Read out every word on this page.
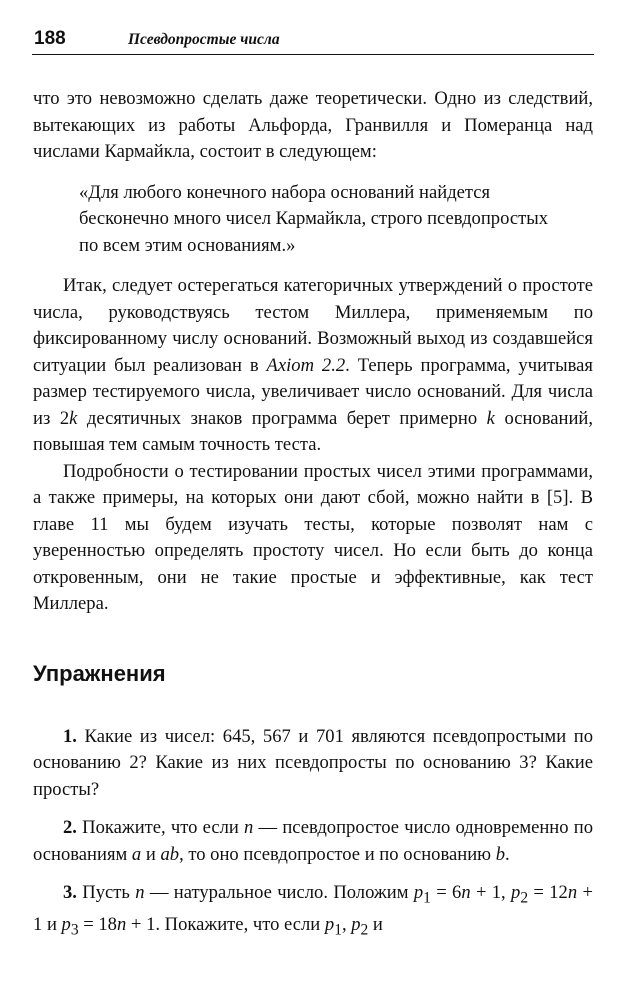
188	Псевдопростые числа

что это невозможно сделать даже теоретически. Одно из следствий, вытекающих из работы Альфорда, Гранвилля и Померанца над числами Кармайкла, состоит в следующем:

«Для любого конечного набора оснований найдется бесконечно много чисел Кармайкла, строго псевдопростых по всем этим основаниям.»

Итак, следует остерегаться категоричных утверждений о простоте числа, руководствуясь тестом Миллера, применяемым по фиксированному числу оснований. Возможный выход из создавшейся ситуации был реализован в Axiom 2.2. Теперь программа, учитывая размер тестируемого числа, увеличивает число оснований. Для числа из 2k десятичных знаков программа берет примерно k оснований, повышая тем самым точность теста.

Подробности о тестировании простых чисел этими программами, а также примеры, на которых они дают сбой, можно найти в [5]. В главе 11 мы будем изучать тесты, которые позволят нам с уверенностью определять простоту чисел. Но если быть до конца откровенным, они не такие простые и эффективные, как тест Миллера.

Упражнения

1. Какие из чисел: 645, 567 и 701 являются псевдопростыми по основанию 2? Какие из них псевдопросты по основанию 3? Какие просты?

2. Покажите, что если n — псевдопростое число одновременно по основаниям a и ab, то оно псевдопростое и по основанию b.

3. Пусть n — натуральное число. Положим $p_1 = 6n + 1$, $p_2 = 12n + 1$ и $p_3 = 18n + 1$. Покажите, что если $p_1$, $p_2$ и
